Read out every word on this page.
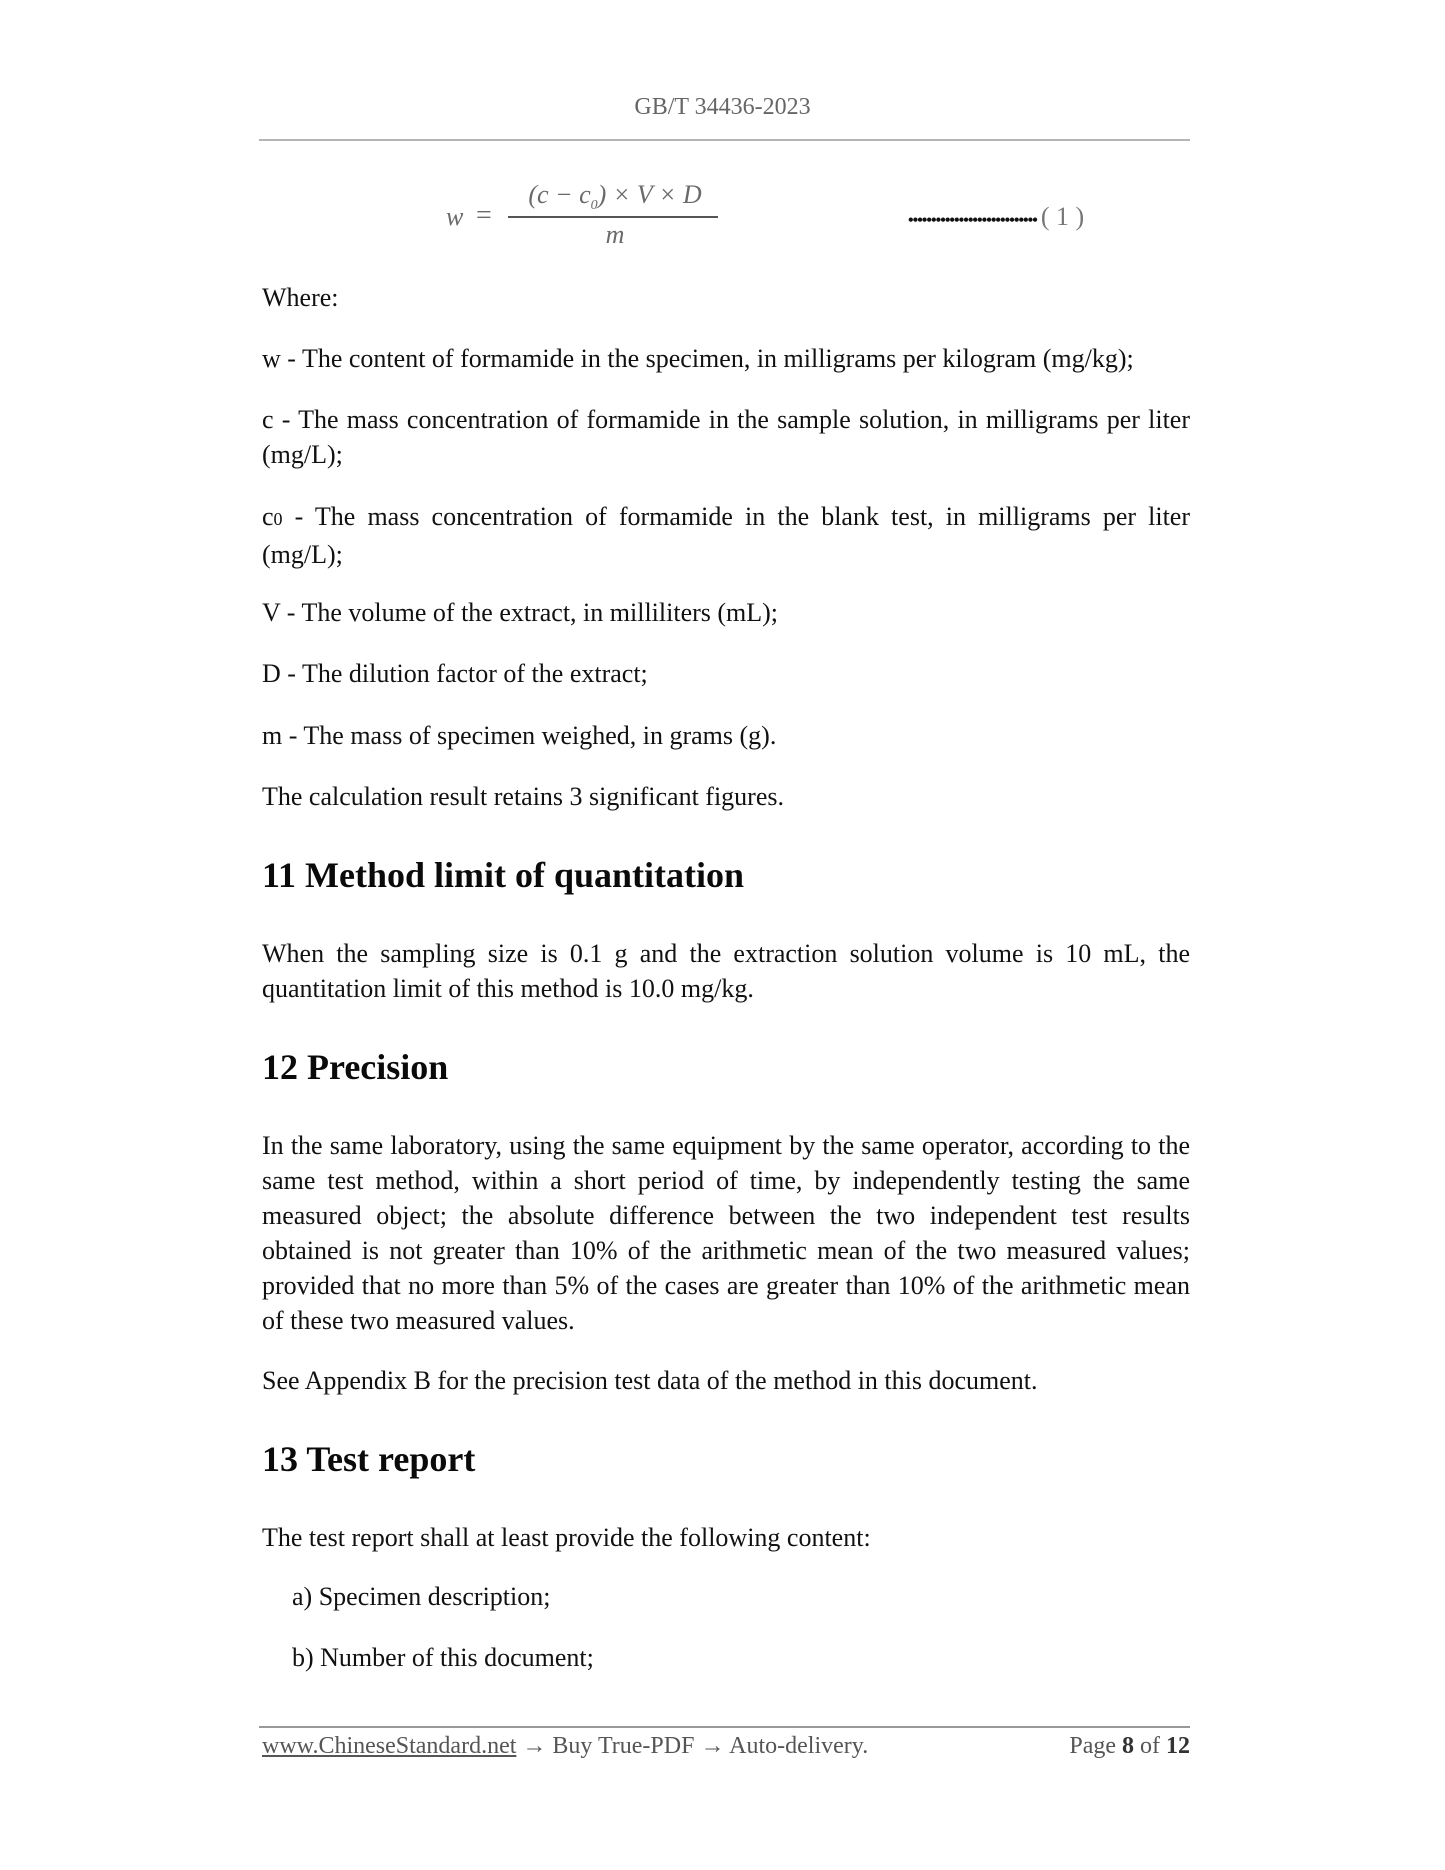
GB/T 34436-2023
w =
$(c - c_0) \times V \times D$
m	•••••••••••••••••••••••••••• ( 1 )
Where:
w - The content of formamide in the specimen, in milligrams per kilogram (mg/kg);
c - The mass concentration of formamide in the sample solution, in milligrams per liter (mg/L);
c0 - The mass concentration of formamide in the blank test, in milligrams per liter (mg/L);
V - The volume of the extract, in milliliters (mL);
D - The dilution factor of the extract;
m - The mass of specimen weighed, in grams (g).
The calculation result retains 3 significant figures.
11 Method limit of quantitation
When the sampling size is 0.1 g and the extraction solution volume is 10 mL, the quantitation limit of this method is 10.0 mg/kg.
12 Precision
In the same laboratory, using the same equipment by the same operator, according to the same test method, within a short period of time, by independently testing the same measured object; the absolute difference between the two independent test results obtained is not greater than 10% of the arithmetic mean of the two measured values; provided that no more than 5% of the cases are greater than 10% of the arithmetic mean of these two measured values.
See Appendix B for the precision test data of the method in this document.
13 Test report
The test report shall at least provide the following content:
a) Specimen description;
b) Number of this document;
www.ChineseStandard.net → Buy True-PDF → Auto-delivery.	Page 8 of 12
